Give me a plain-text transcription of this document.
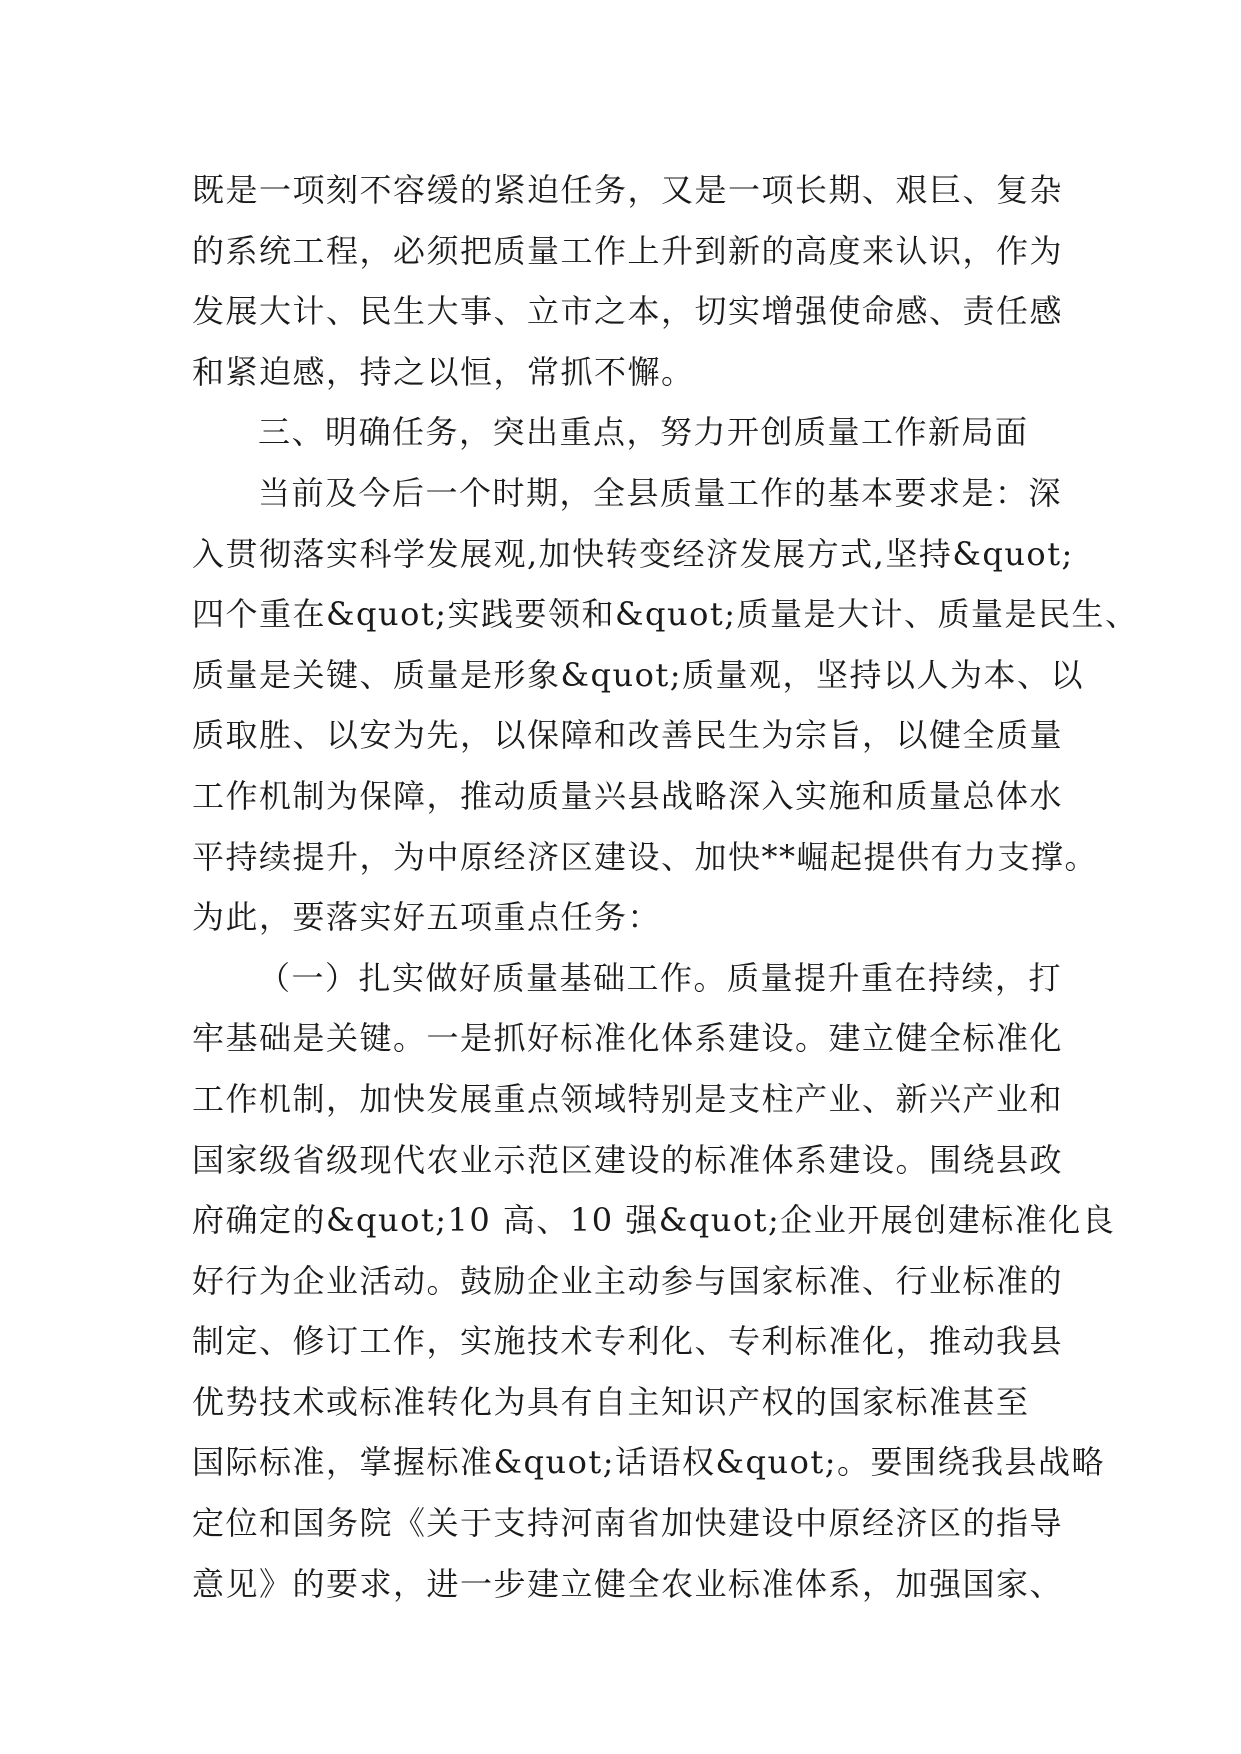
既是一项刻不容缓的紧迫任务，又是一项长期、艰巨、复杂
的系统工程，必须把质量工作上升到新的高度来认识，作为
发展大计、民生大事、立市之本，切实增强使命感、责任感
和紧迫感，持之以恒，常抓不懈。
三、明确任务，突出重点，努力开创质量工作新局面
当前及今后一个时期，全县质量工作的基本要求是：深
入贯彻落实科学发展观,加快转变经济发展方式,坚持&quot;
四个重在&quot;实践要领和&quot;质量是大计、质量是民生、
质量是关键、质量是形象&quot;质量观，坚持以人为本、以
质取胜、以安为先，以保障和改善民生为宗旨，以健全质量
工作机制为保障，推动质量兴县战略深入实施和质量总体水
平持续提升，为中原经济区建设、加快**崛起提供有力支撑。
为此，要落实好五项重点任务：
（一）扎实做好质量基础工作。质量提升重在持续，打
牢基础是关键。一是抓好标准化体系建设。建立健全标准化
工作机制，加快发展重点领域特别是支柱产业、新兴产业和
国家级省级现代农业示范区建设的标准体系建设。围绕县政
府确定的&quot;10 高、10 强&quot;企业开展创建标准化良
好行为企业活动。鼓励企业主动参与国家标准、行业标准的
制定、修订工作，实施技术专利化、专利标准化，推动我县
优势技术或标准转化为具有自主知识产权的国家标准甚至
国际标准，掌握标准&quot;话语权&quot;。要围绕我县战略
定位和国务院《关于支持河南省加快建设中原经济区的指导
意见》的要求，进一步建立健全农业标准体系，加强国家、
